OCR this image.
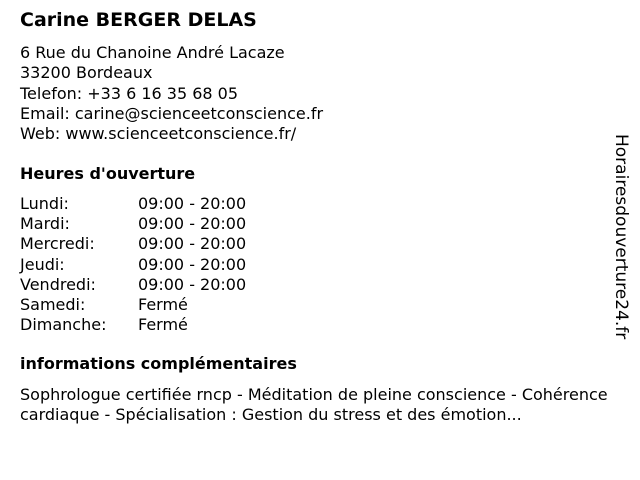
Carine BERGER DELAS
6 Rue du Chanoine André Lacaze
33200 Bordeaux
Telefon: +33 6 16 35 68 05
Email: carine@scienceetconscience.fr
Web: www.scienceetconscience.fr/
Heures d'ouverture
Lundi:	09:00 - 20:00
Mardi:	09:00 - 20:00
Mercredi:	09:00 - 20:00
Jeudi:	09:00 - 20:00
Vendredi:	09:00 - 20:00
Samedi:	Fermé
Dimanche:	Fermé
informations complémentaires
Sophrologue certifiée rncp - Méditation de pleine conscience - Cohérence cardiaque - Spécialisation : Gestion du stress et des émotion...
Horairesdouverture24.fr
